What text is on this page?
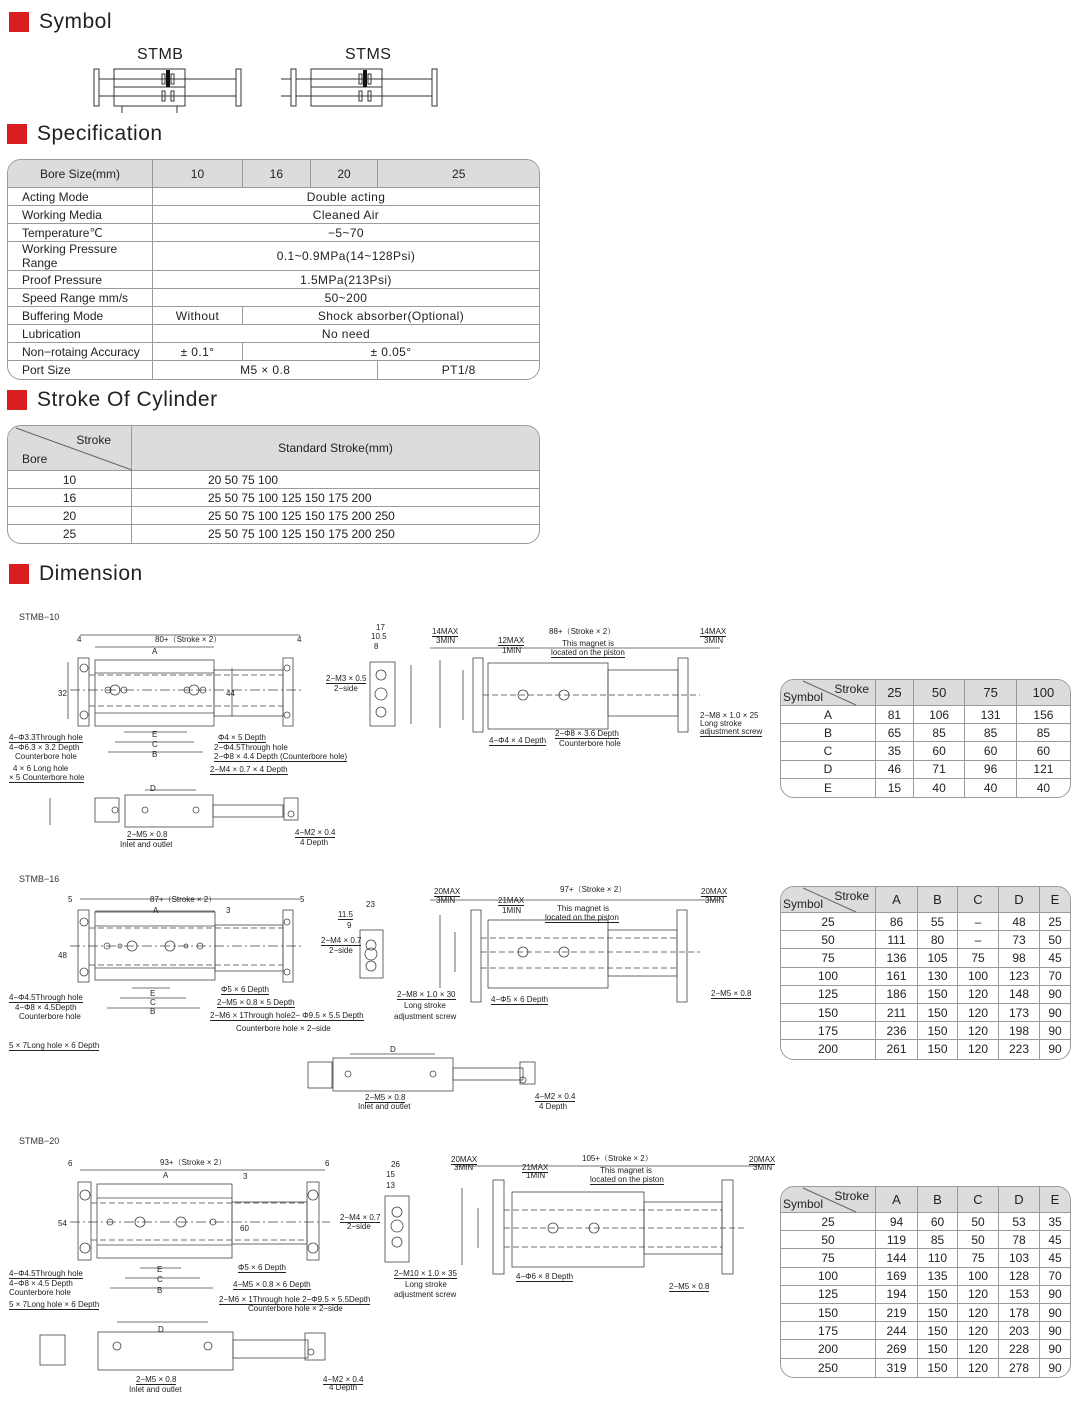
Symbol
Specification
Stroke Of Cylinder
Dimension
STMB	STMS
Bore Size(mm)	10	16	20	25
Acting Mode	Double acting			
Working Media	Cleaned Air			
Temperature℃	−5~70			
Working Pressure Range	0.1~0.9MPa(14~128Psi)			
Proof Pressure	1.5MPa(213Psi)			
Speed Range mm/s	50~200			
Buffering Mode	Without	Shock absorber(Optional)		
Lubrication	No need			
Non−rotaing Accuracy	± 0.1°	± 0.05°		
Port Size	M5 × 0.8			PT1/8
Stroke
Bore	Standard Stroke(mm)
10	20 50 75 100
16	25 50 75 100 125 150 175 200
20	25 50 75 100 125 150 175 200 250
25	25 50 75 100 125 150 175 200 250
Stroke
Symbol	25	50	75	100
A	81	106	131	156
B	65	85	85	85
C	35	60	60	60
D	46	71	96	121
E	15	40	40	40
Stroke
Symbol	A	B	C	D	E
25	86	55	–	48	25
50	111	80	–	73	50
75	136	105	75	98	45
100	161	130	100	123	70
125	186	150	120	148	90
150	211	150	120	173	90
175	236	150	120	198	90
200	261	150	120	223	90
Stroke
Symbol	A	B	C	D	E
25	94	60	50	53	35
50	119	85	50	78	45
75	144	110	75	103	45
100	169	135	100	128	70
125	194	150	120	153	90
150	219	150	120	178	90
175	244	150	120	203	90
200	269	150	120	228	90
250	319	150	120	278	90
STMB−10
4	4
80+（Stroke × 2）
A
E
C
B
32	44
4−Φ3.3Through hole
4−Φ6.3 × 3.2 Depth
Counterbore hole
4 × 6 Long hole
× 5 Counterbore hole
Φ4 × 5 Depth
2−Φ4.5Through hole
2−Φ8 × 4.4 Depth (Counterbore hole)
2−M4 × 0.7 × 4 Depth
17
10.5
8
2−M3 × 0.5
2−side
14MAX
3MIN	12MAX
1MIN
88+（Stroke × 2）
This magnet is
located on the piston
14MAX
3MIN
4−Φ4 × 4 Depth
2−Φ8 × 3.6 Depth
Counterbore hole
2−M8 × 1.0 × 25
Long stroke
adjustment screw
D
2−M5 × 0.8
Inlet and outlet
4−M2 × 0.4
4 Depth
STMB−16
5	5
3
87+（Stroke × 2）
A
E
C
B
48
4−Φ4.5Through hole
4−Φ8 × 4.5Depth
Counterbore hole
5 × 7Long hole × 6 Depth
Φ5 × 6 Depth
2−M5 × 0.8 × 5 Depth
2−M6 × 1Through hole2− Φ9.5 × 5.5 Depth
Counterbore hole × 2−side
23
11.5
9
2−M4 × 0.7
2−side
20MAX
3MIN	21MAX
1MIN
97+（Stroke × 2）
This magnet is
located on the piston
20MAX
3MIN
2−M8 × 1.0 × 30
Long stroke
adjustment screw
4−Φ5 × 6 Depth
2−M5 × 0.8
D
2−M5 × 0.8
Inlet and outlet
4−M2 × 0.4
4 Depth
STMB−20
6	6
3
93+（Stroke × 2）
A
E
C
B
54
60
4−Φ4.5Through hole
4−Φ8 × 4.5 Depth
Counterbore hole
5 × 7Long hole × 6 Depth
Φ5 × 6 Depth
4−M5 × 0.8 × 6 Depth
2−M6 × 1Through hole 2−Φ9.5 × 5.5Depth
Counterbore hole × 2−side
26
15
13
2−M4 × 0.7
2−side
20MAX
3MIN	21MAX
1MIN
105+（Stroke × 2）
This magnet is
located on the piston
20MAX
3MIN
2−M10 × 1.0 × 35
Long stroke
adjustment screw
4−Φ6 × 8 Depth
2−M5 × 0.8
D
2−M5 × 0.8
Inlet and outlet
4−M2 × 0.4
4 Depth
